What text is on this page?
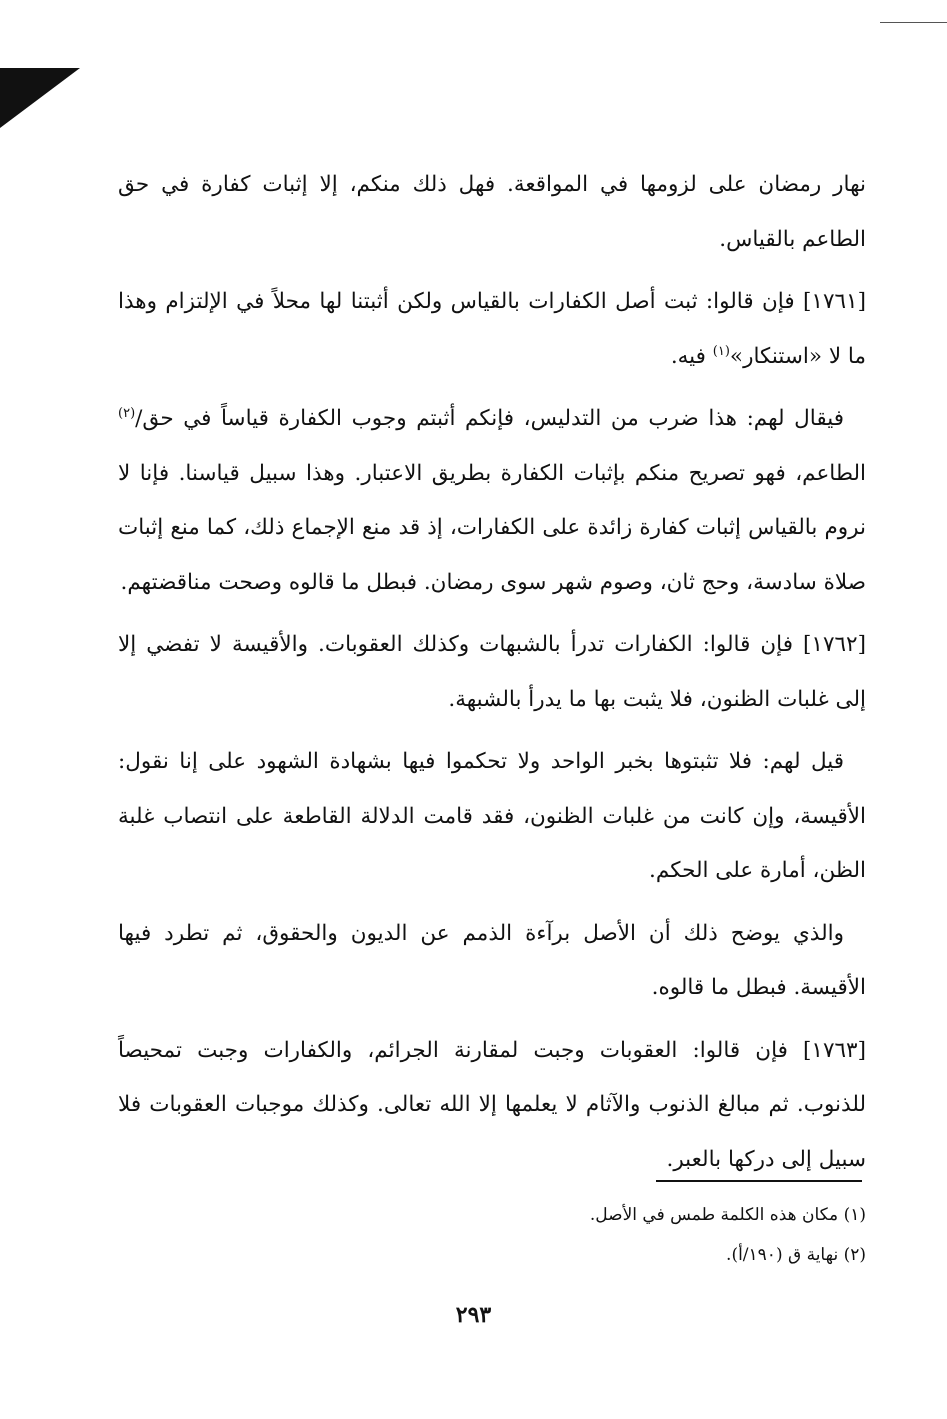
نهار رمضان على لزومها في المواقعة. فهل ذلك منكم، إلا إثبات كفارة في حق الطاعم بالقياس.

[١٧٦١] فإن قالوا: ثبت أصل الكفارات بالقياس ولكن أثبتنا لها محلاً في الإلتزام وهذا ما لا «استنكار»$^{(١)}$ فيه.

فيقال لهم: هذا ضرب من التدليس، فإنكم أثبتم وجوب الكفارة قياساً في حق/$^{(٢)}$ الطاعم، فهو تصريح منكم بإثبات الكفارة بطريق الاعتبار. وهذا سبيل قياسنا. فإنا لا نروم بالقياس إثبات كفارة زائدة على الكفارات، إذ قد منع الإجماع ذلك، كما منع إثبات صلاة سادسة، وحج ثان، وصوم شهر سوى رمضان. فبطل ما قالوه وصحت مناقضتهم.

[١٧٦٢] فإن قالوا: الكفارات تدرأ بالشبهات وكذلك العقوبات. والأقيسة لا تفضي إلا إلى غلبات الظنون، فلا يثبت بها ما يدرأ بالشبهة.

قيل لهم: فلا تثبتوها بخبر الواحد ولا تحكموا فيها بشهادة الشهود على إنا نقول: الأقيسة، وإن كانت من غلبات الظنون، فقد قامت الدلالة القاطعة على انتصاب غلبة الظن، أمارة على الحكم.

والذي يوضح ذلك أن الأصل برآءة الذمم عن الديون والحقوق، ثم تطرد فيها الأقيسة. فبطل ما قالوه.

[١٧٦٣] فإن قالوا: العقوبات وجبت لمقارنة الجرائم، والكفارات وجبت تمحيصاً للذنوب. ثم مبالغ الذنوب والآثام لا يعلمها إلا الله تعالى. وكذلك موجبات العقوبات فلا سبيل إلى دركها بالعبر.

(١) مكان هذه الكلمة طمس في الأصل.

(٢) نهاية ق (١٩٠/أ).

٢٩٣
